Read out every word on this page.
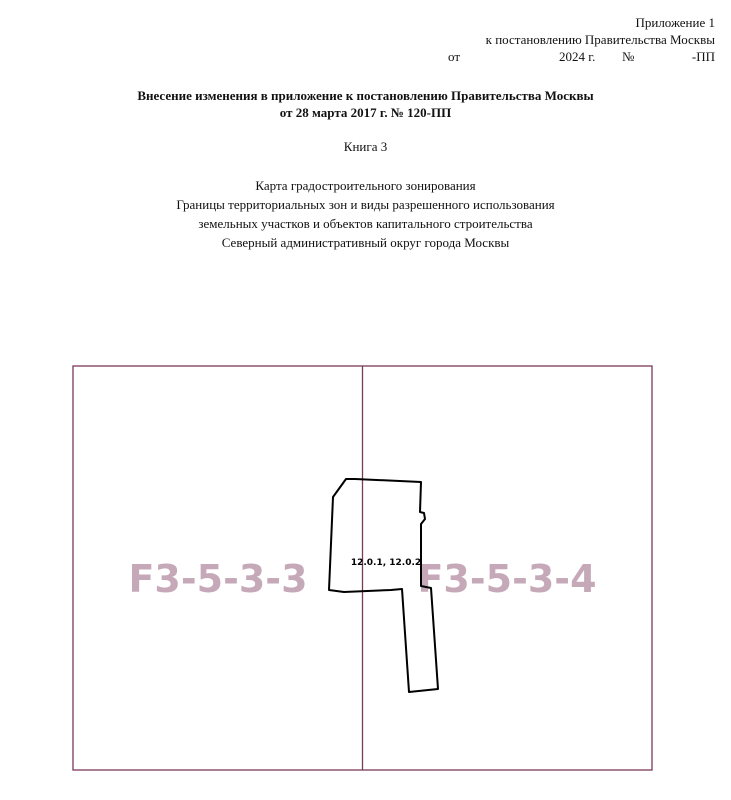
Приложение 1
к постановлению Правительства Москвы
от	2024 г. №	-ПП
Внесение изменения в приложение к постановлению Правительства Москвы
от 28 марта 2017 г. № 120-ПП
Книга 3
Карта градостроительного зонирования
Границы территориальных зон и виды разрешенного использования
земельных участков и объектов капитального строительства
Северный административный округ города Москвы
F3-5-3-3	F3-5-3-4
12.0.1, 12.0.2
